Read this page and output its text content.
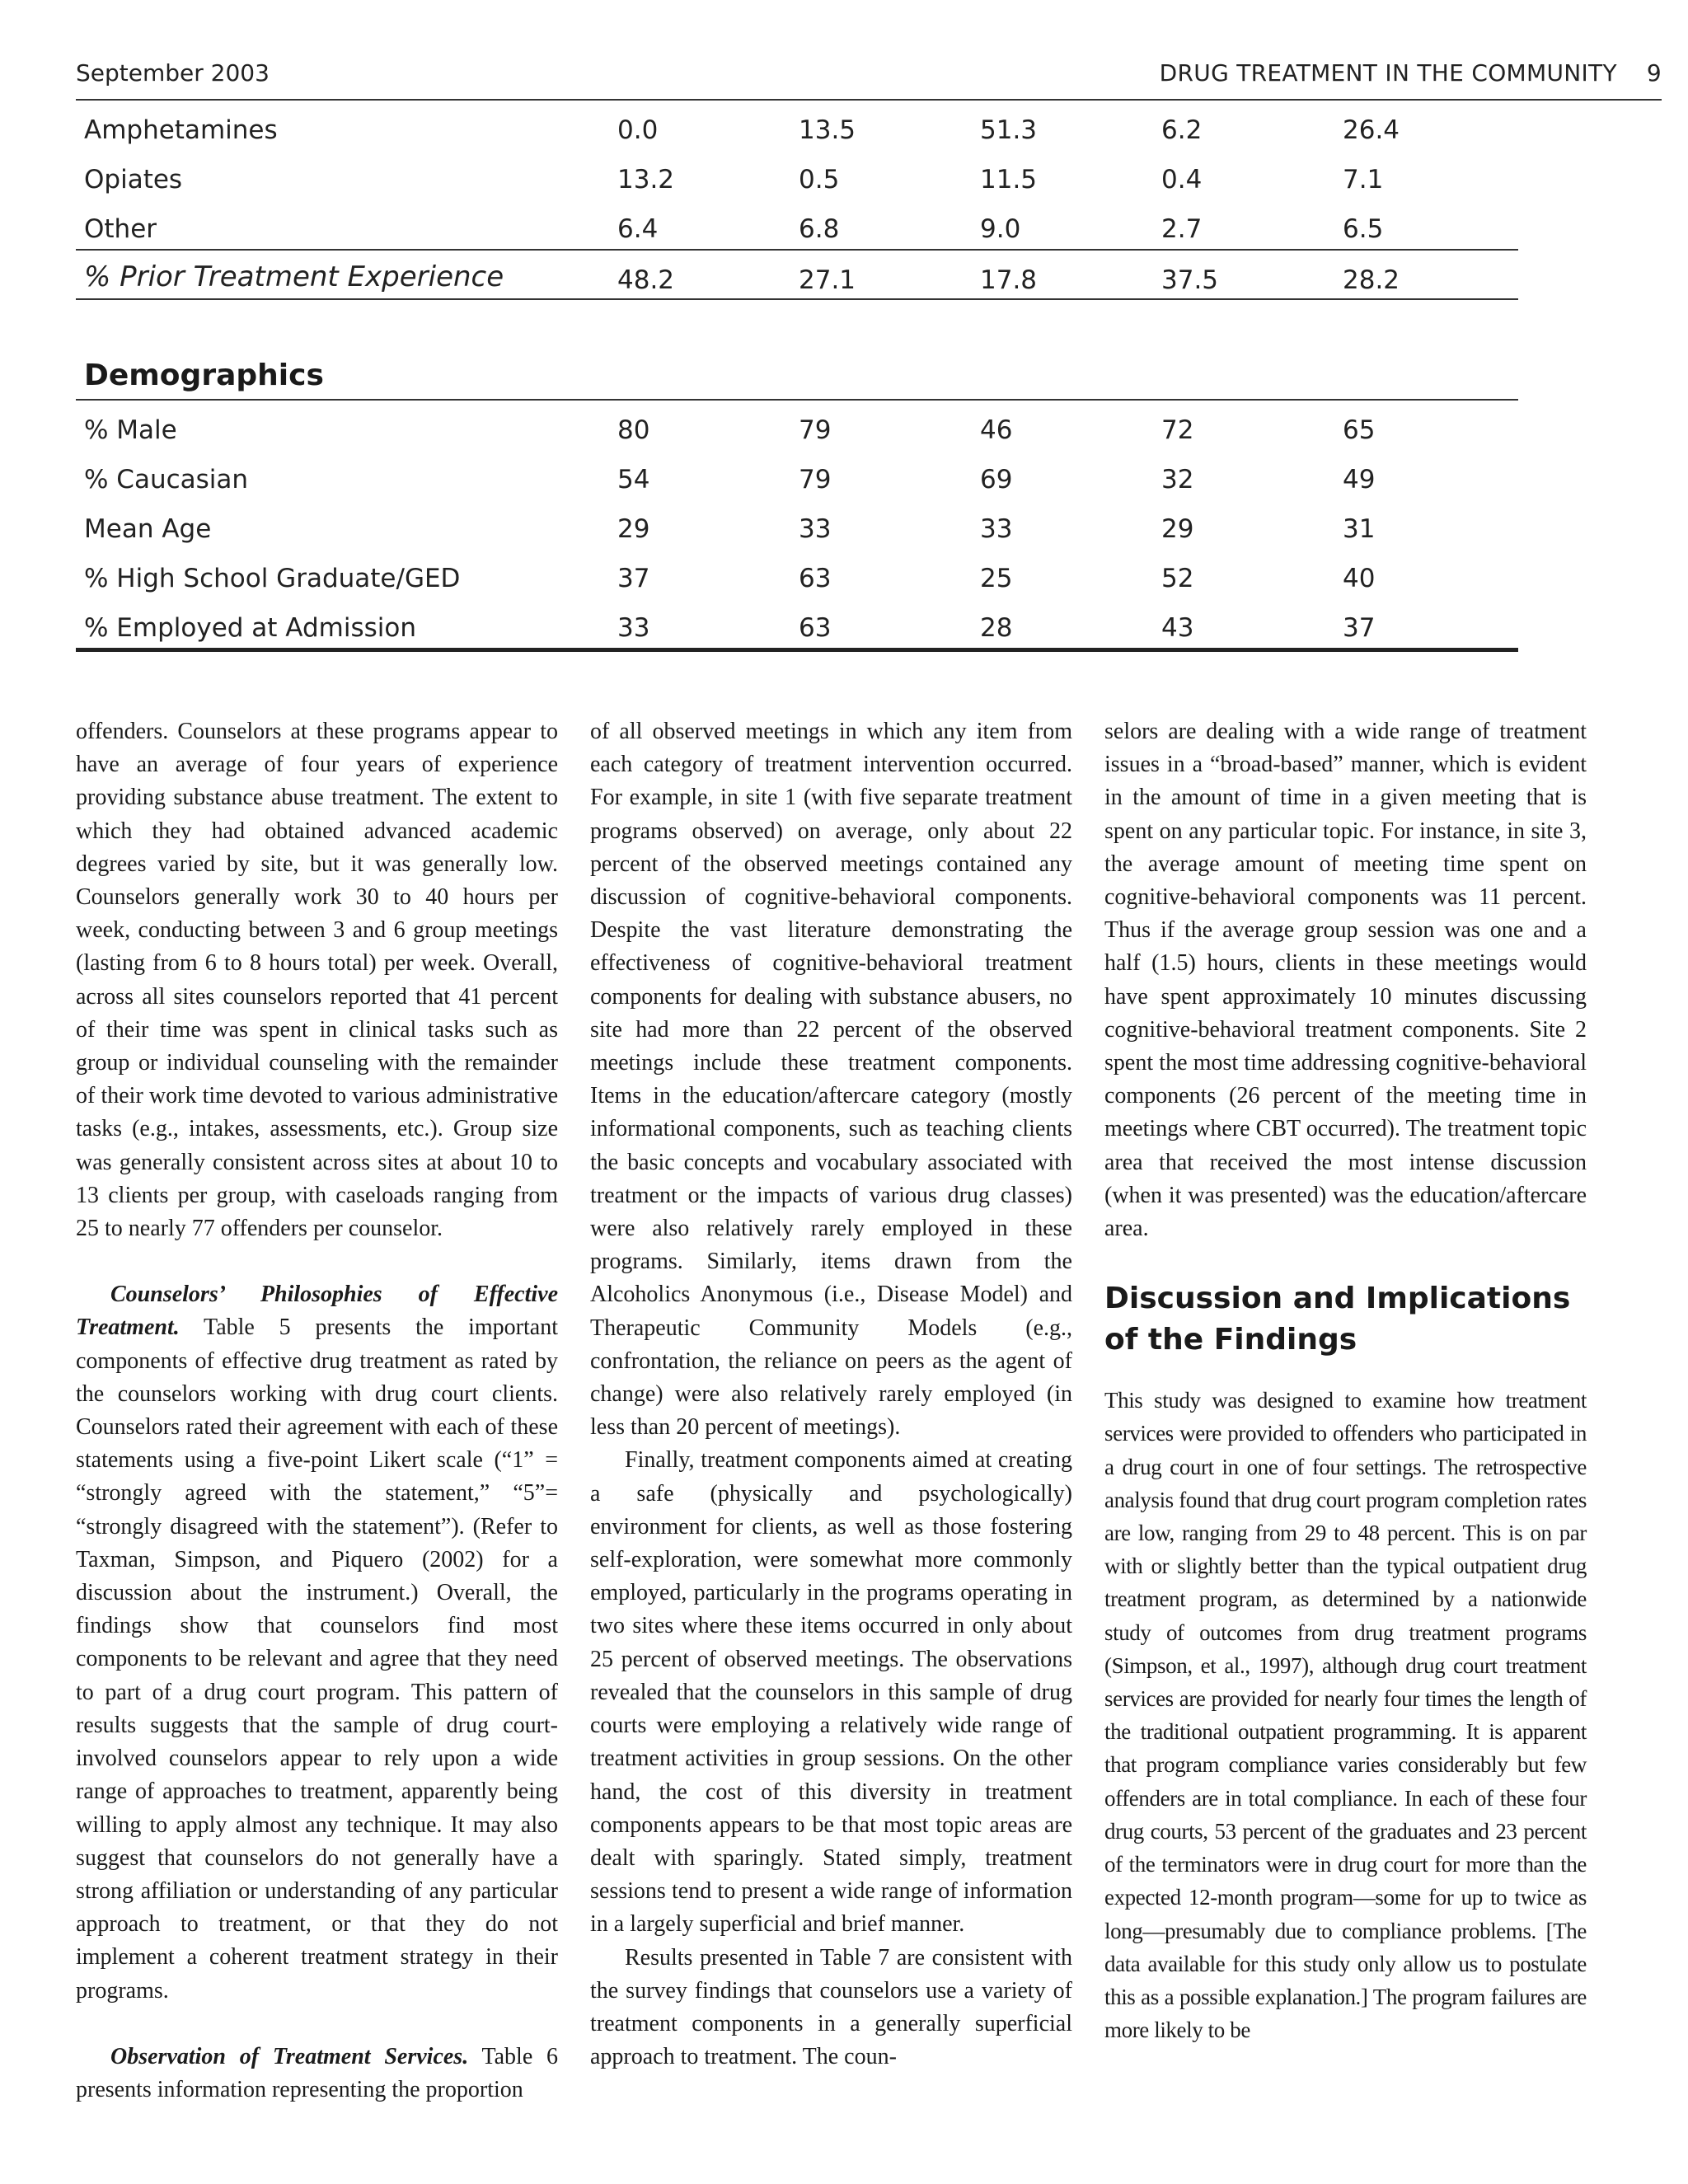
September 2003	DRUG TREATMENT IN THE COMMUNITY 9
Amphetamines	0.0	13.5	51.3	6.2	26.4
Opiates	13.2	0.5	11.5	0.4	7.1
Other	6.4	6.8	9.0	2.7	6.5
% Prior Treatment Experience	48.2	27.1	17.8	37.5	28.2
Demographics
% Male	80	79	46	72	65
% Caucasian	54	79	69	32	49
Mean Age	29	33	33	29	31
% High School Graduate/GED	37	63	25	52	40
% Employed at Admission	33	63	28	43	37

offenders. Counselors at these programs appear to have an average of four years of experience providing substance abuse treatment. The extent to which they had obtained advanced academic degrees varied by site, but it was generally low. Counselors generally work 30 to 40 hours per week, conducting between 3 and 6 group meetings (lasting from 6 to 8 hours total) per week. Overall, across all sites counselors reported that 41 percent of their time was spent in clinical tasks such as group or individual counseling with the remainder of their work time devoted to various administrative tasks (e.g., intakes, assessments, etc.). Group size was generally consistent across sites at about 10 to 13 clients per group, with caseloads ranging from 25 to nearly 77 offenders per counselor.

Counselors’ Philosophies of Effective Treatment. Table 5 presents the important components of effective drug treatment as rated by the counselors working with drug court clients. Counselors rated their agreement with each of these statements using a five-point Likert scale (“1” = “strongly agreed with the statement,” “5”= “strongly disagreed with the statement”). (Refer to Taxman, Simpson, and Piquero (2002) for a discussion about the instrument.) Overall, the findings show that counselors find most components to be relevant and agree that they need to part of a drug court program. This pattern of results suggests that the sample of drug court-involved counselors appear to rely upon a wide range of approaches to treatment, apparently being willing to apply almost any technique. It may also suggest that counselors do not generally have a strong affiliation or understanding of any particular approach to treatment, or that they do not implement a coherent treatment strategy in their programs.

Observation of Treatment Services. Table 6 presents information representing the proportion

of all observed meetings in which any item from each category of treatment intervention occurred. For example, in site 1 (with five separate treatment programs observed) on average, only about 22 percent of the observed meetings contained any discussion of cognitive-behavioral components. Despite the vast literature demonstrating the effectiveness of cognitive-behavioral treatment components for dealing with substance abusers, no site had more than 22 percent of the observed meetings include these treatment components. Items in the education/aftercare category (mostly informational components, such as teaching clients the basic concepts and vocabulary associated with treatment or the impacts of various drug classes) were also relatively rarely employed in these programs. Similarly, items drawn from the Alcoholics Anonymous (i.e., Disease Model) and Therapeutic Community Models (e.g., confrontation, the reliance on peers as the agent of change) were also relatively rarely employed (in less than 20 percent of meetings).

Finally, treatment components aimed at creating a safe (physically and psychologically) environment for clients, as well as those fostering self-exploration, were somewhat more commonly employed, particularly in the programs operating in two sites where these items occurred in only about 25 percent of observed meetings. The observations revealed that the counselors in this sample of drug courts were employing a relatively wide range of treatment activities in group sessions. On the other hand, the cost of this diversity in treatment components appears to be that most topic areas are dealt with sparingly. Stated simply, treatment sessions tend to present a wide range of information in a largely superficial and brief manner.

Results presented in Table 7 are consistent with the survey findings that counselors use a variety of treatment components in a generally superficial approach to treatment. The coun-

selors are dealing with a wide range of treatment issues in a “broad-based” manner, which is evident in the amount of time in a given meeting that is spent on any particular topic. For instance, in site 3, the average amount of meeting time spent on cognitive-behavioral components was 11 percent. Thus if the average group session was one and a half (1.5) hours, clients in these meetings would have spent approximately 10 minutes discussing cognitive-behavioral treatment components. Site 2 spent the most time addressing cognitive-behavioral components (26 percent of the meeting time in meetings where CBT occurred). The treatment topic area that received the most intense discussion (when it was presented) was the education/aftercare area.

Discussion and Implications of the Findings

This study was designed to examine how treatment services were provided to offenders who participated in a drug court in one of four settings. The retrospective analysis found that drug court program completion rates are low, ranging from 29 to 48 percent. This is on par with or slightly better than the typical outpatient drug treatment program, as determined by a nationwide study of outcomes from drug treatment programs (Simpson, et al., 1997), although drug court treatment services are provided for nearly four times the length of the traditional outpatient programming. It is apparent that program compliance varies considerably but few offenders are in total compliance. In each of these four drug courts, 53 percent of the graduates and 23 percent of the terminators were in drug court for more than the expected 12-month program—some for up to twice as long—presumably due to compliance problems. [The data available for this study only allow us to postulate this as a possible explanation.] The program failures are more likely to be
